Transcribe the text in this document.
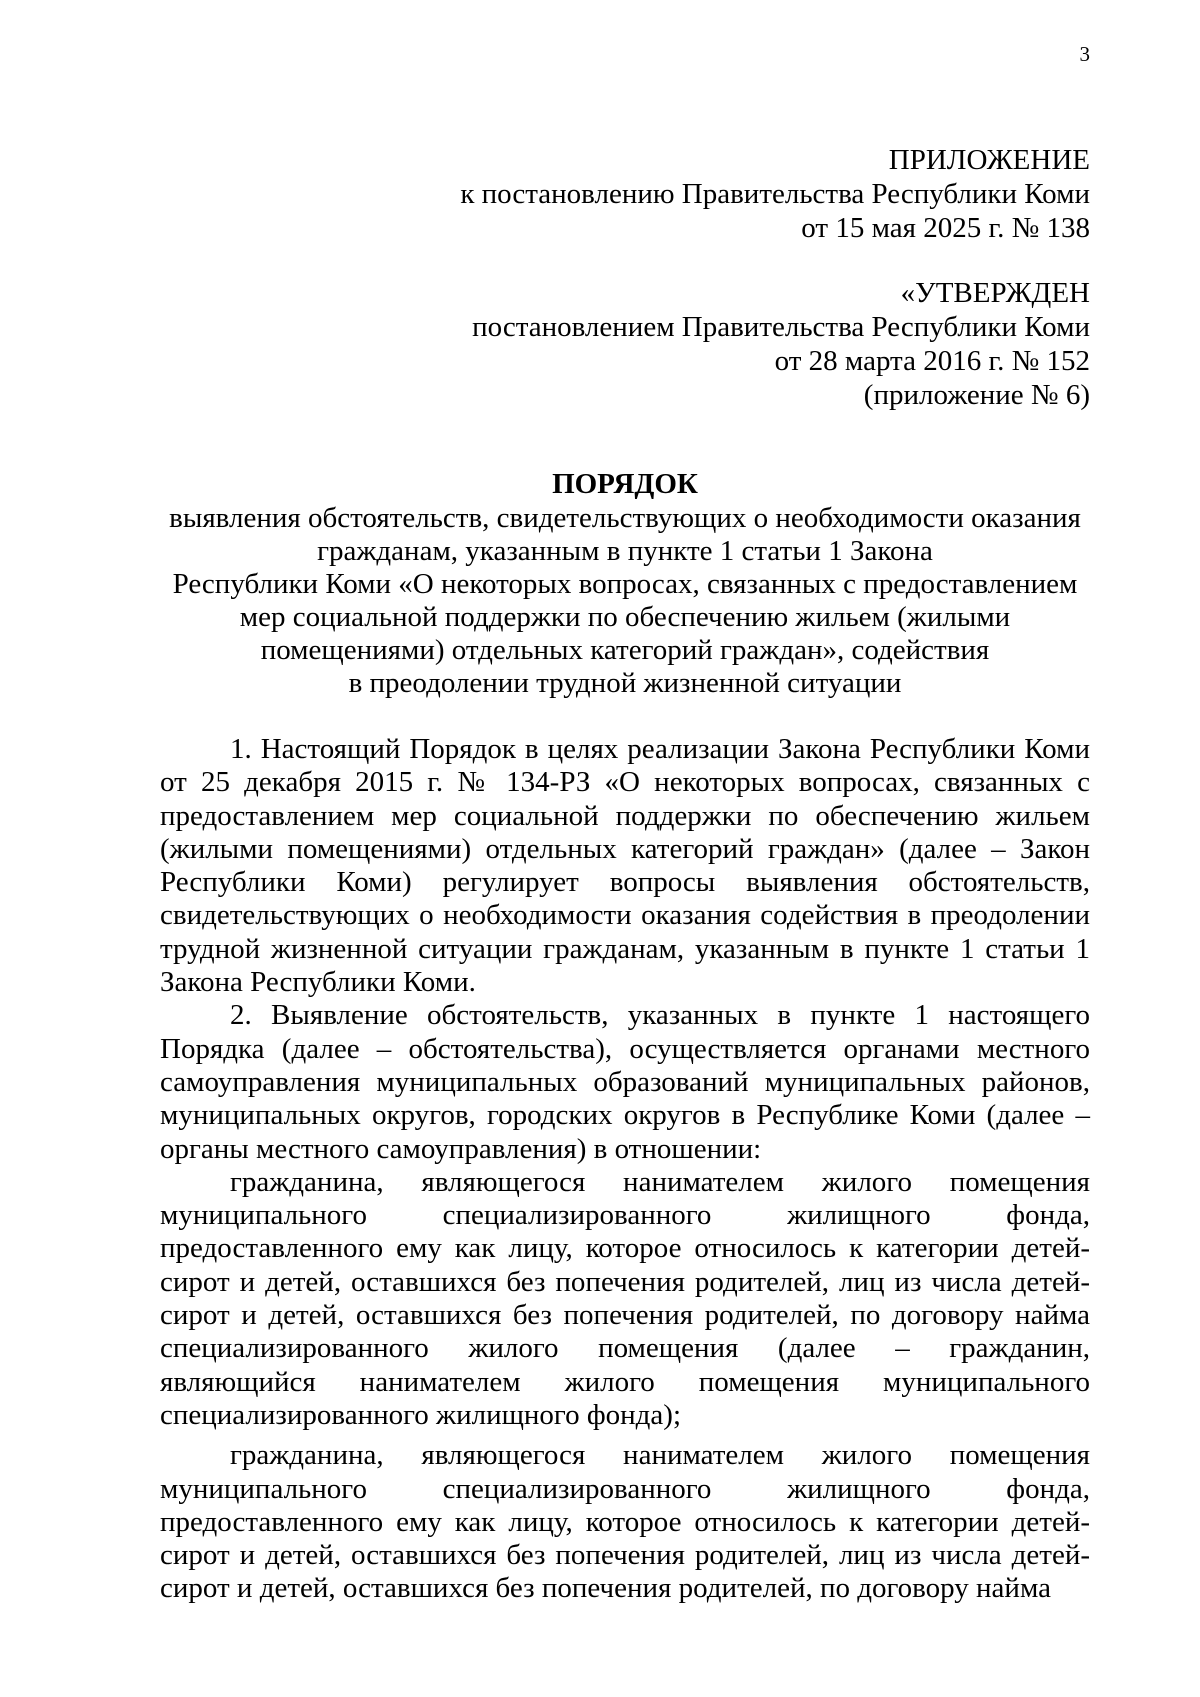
3
ПРИЛОЖЕНИЕ
к постановлению Правительства Республики Коми
от 15 мая 2025 г. № 138
«УТВЕРЖДЕН
постановлением Правительства Республики Коми
от 28 марта 2016 г. № 152
(приложение № 6)
ПОРЯДОК
выявления обстоятельств, свидетельствующих о необходимости оказания
гражданам, указанным в пункте 1 статьи 1 Закона
Республики Коми «О некоторых вопросах, связанных с предоставлением
мер социальной поддержки по обеспечению жильем (жилыми
помещениями) отдельных категорий граждан», содействия
в преодолении трудной жизненной ситуации

1. Настоящий Порядок в целях реализации Закона Республики Коми от 25 декабря 2015 г. № 134-РЗ «О некоторых вопросах, связанных с предоставлением мер социальной поддержки по обеспечению жильем (жилыми помещениями) отдельных категорий граждан» (далее – Закон Республики Коми) регулирует вопросы выявления обстоятельств, свидетельствующих о необходимости оказания содействия в преодолении трудной жизненной ситуации гражданам, указанным в пункте 1 статьи 1 Закона Республики Коми.

2. Выявление обстоятельств, указанных в пункте 1 настоящего Порядка (далее – обстоятельства), осуществляется органами местного самоуправления муниципальных образований муниципальных районов, муниципальных округов, городских округов в Республике Коми (далее – органы местного самоуправления) в отношении:

гражданина, являющегося нанимателем жилого помещения муниципального специализированного жилищного фонда, предоставленного ему как лицу, которое относилось к категории детей-сирот и детей, оставшихся без попечения родителей, лиц из числа детей-сирот и детей, оставшихся без попечения родителей, по договору найма специализированного жилого помещения (далее – гражданин, являющийся нанимателем жилого помещения муниципального специализированного жилищного фонда);

гражданина, являющегося нанимателем жилого помещения муниципального специализированного жилищного фонда, предоставленного ему как лицу, которое относилось к категории детей-сирот и детей, оставшихся без попечения родителей, лиц из числа детей-сирот и детей, оставшихся без попечения родителей, по договору найма
